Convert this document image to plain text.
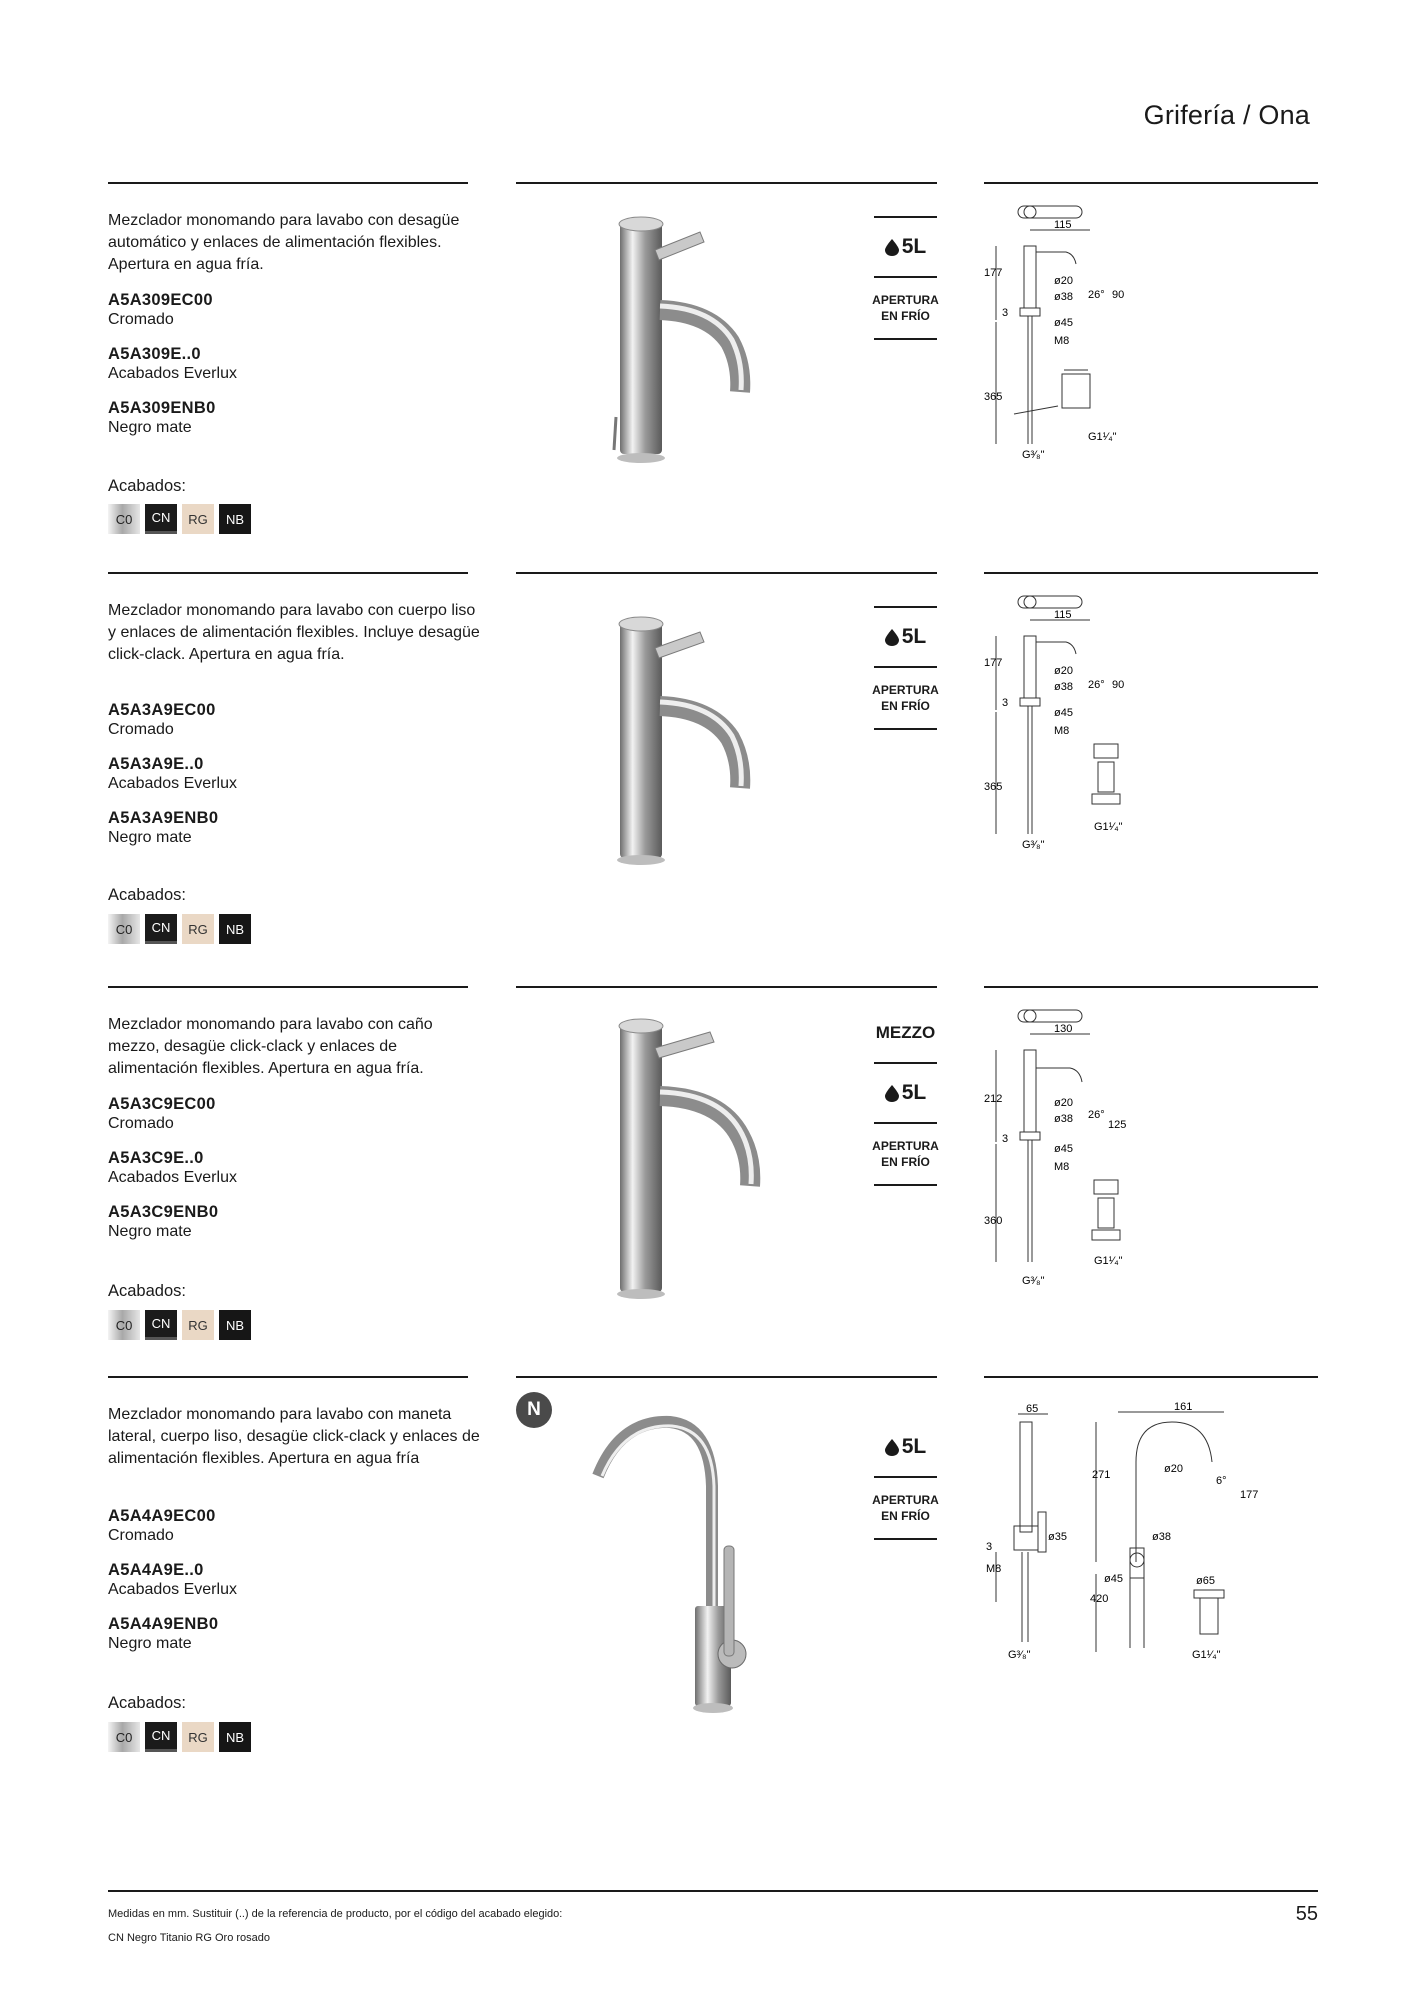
Grifería / Ona
Mezclador monomando para lavabo con desagüe automático y enlaces de alimentación flexibles. Apertura en agua fría.
A5A309EC00
Cromado
A5A309E..0
Acabados Everlux
A5A309ENB0
Negro mate
Acabados:
C0	CN	RG	NB
5L
APERTURA
EN FRÍO
115
177
ø20
ø38 26° 90
3
ø45
M8
365
G1¹⁄₄"
G³⁄₈"
Mezclador monomando para lavabo con cuerpo liso y enlaces de alimentación flexibles. Incluye desagüe click-clack. Apertura en agua fría.
A5A3A9EC00
Cromado
A5A3A9E..0
Acabados Everlux
A5A3A9ENB0
Negro mate
Acabados:
C0	CN	RG	NB
5L
APERTURA
EN FRÍO
115
177
ø20
ø38 26° 90
3
ø45
M8
365
G1¹⁄₄"
G³⁄₈"
Mezclador monomando para lavabo con caño mezzo, desagüe click-clack y enlaces de alimentación flexibles. Apertura en agua fría.
A5A3C9EC00
Cromado
A5A3C9E..0
Acabados Everlux
A5A3C9ENB0
Negro mate
Acabados:
C0	CN	RG	NB
MEZZO
5L
APERTURA
EN FRÍO
130
212	ø20
ø38 26°
125
3
ø45
M8
360
G1¹⁄₄"
G³⁄₈"
N
Mezclador monomando para lavabo con maneta lateral, cuerpo liso, desagüe click-clack y enlaces de alimentación flexibles. Apertura en agua fría
A5A4A9EC00
Cromado
A5A4A9E..0
Acabados Everlux
A5A4A9ENB0
Negro mate
Acabados:
C0	CN	RG	NB
5L
APERTURA
EN FRÍO
65
3
ø35
M8
G³⁄₈"
161
ø20
271	6°
177
ø38
ø45	ø65
420
G1¹⁄₄"
Medidas en mm. Sustituir (..) de la referencia de producto, por el código del acabado elegido:
CN Negro Titanio RG Oro rosado
55
